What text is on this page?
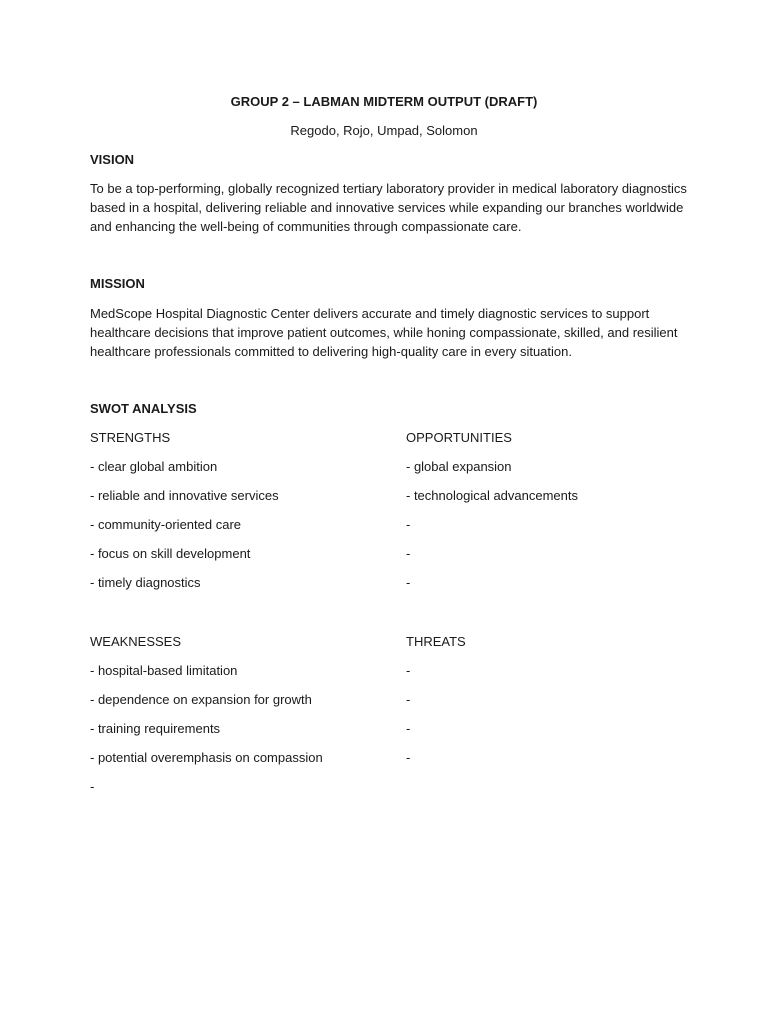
GROUP 2 – LABMAN MIDTERM OUTPUT (DRAFT)
Regodo, Rojo, Umpad, Solomon
VISION

To be a top-performing, globally recognized tertiary laboratory provider in medical laboratory diagnostics based in a hospital, delivering reliable and innovative services while expanding our branches worldwide and enhancing the well-being of communities through compassionate care.

MISSION

MedScope Hospital Diagnostic Center delivers accurate and timely diagnostic services to support healthcare decisions that improve patient outcomes, while honing compassionate, skilled, and resilient healthcare professionals committed to delivering high-quality care in every situation.

SWOT ANALYSIS
STRENGTHS
- clear global ambition
- reliable and innovative services
- community-oriented care
- focus on skill development
- timely diagnostics
OPPORTUNITIES
- global expansion
- technological advancements
-
-
-
WEAKNESSES
- hospital-based limitation
- dependence on expansion for growth
- training requirements
- potential overemphasis on compassion
-
THREATS
-
-
-
-
